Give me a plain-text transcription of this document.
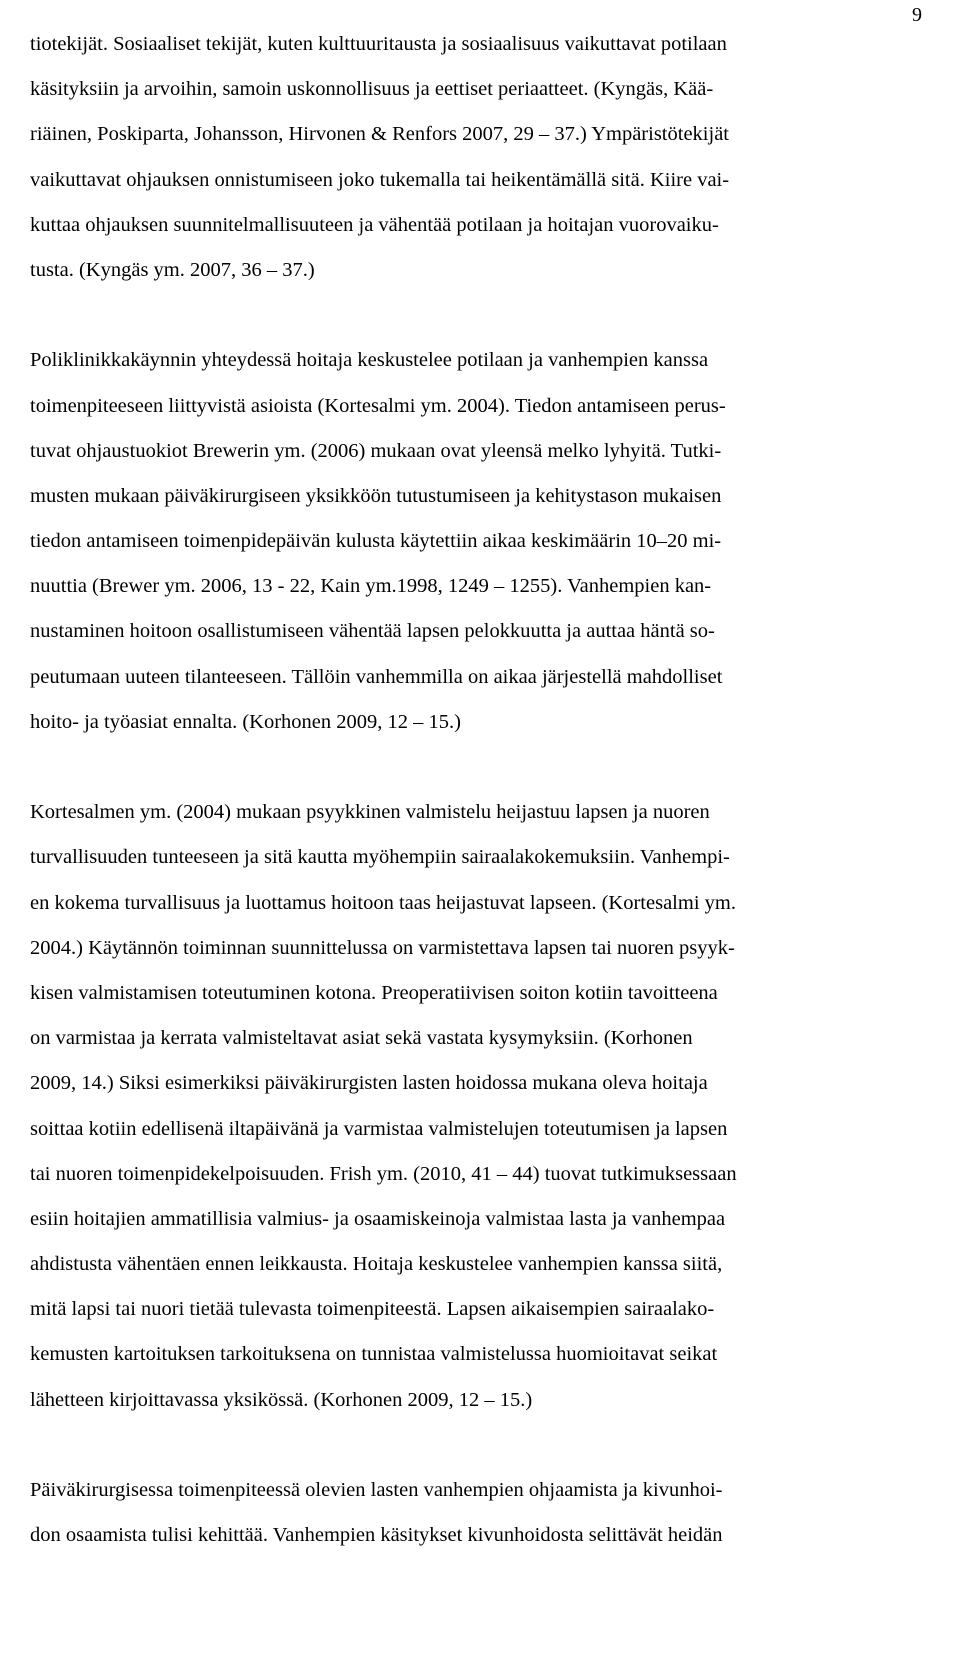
9
tiotekijät. Sosiaaliset tekijät, kuten kulttuuritausta ja sosiaalisuus vaikuttavat potilaan
käsityksiin ja arvoihin, samoin uskonnollisuus ja eettiset periaatteet. (Kyngäs, Kää-
riäinen, Poskiparta, Johansson, Hirvonen & Renfors 2007, 29 – 37.) Ympäristötekijät
vaikuttavat ohjauksen onnistumiseen joko tukemalla tai heikentämällä sitä. Kiire vai-
kuttaa ohjauksen suunnitelmallisuuteen ja vähentää potilaan ja hoitajan vuorovaiku-
tusta. (Kyngäs ym. 2007, 36 – 37.)
Poliklinikkakäynnin yhteydessä hoitaja keskustelee potilaan ja vanhempien kanssa
toimenpiteeseen liittyvistä asioista (Kortesalmi ym. 2004). Tiedon antamiseen perus-
tuvat ohjaustuokiot Brewerin ym. (2006) mukaan ovat yleensä melko lyhyitä. Tutki-
musten mukaan päiväkirurgiseen yksikköön tutustumiseen ja kehitystason mukaisen
tiedon antamiseen toimenpidepäivän kulusta käytettiin aikaa keskimäärin 10–20 mi-
nuuttia (Brewer ym. 2006, 13 - 22, Kain ym.1998, 1249 – 1255). Vanhempien kan-
nustaminen hoitoon osallistumiseen vähentää lapsen pelokkuutta ja auttaa häntä so-
peutumaan uuteen tilanteeseen. Tällöin vanhemmilla on aikaa järjestellä mahdolliset
hoito- ja työasiat ennalta. (Korhonen 2009, 12 – 15.)
Kortesalmen ym. (2004) mukaan psyykkinen valmistelu heijastuu lapsen ja nuoren
turvallisuuden tunteeseen ja sitä kautta myöhempiin sairaalakokemuksiin. Vanhempi-
en kokema turvallisuus ja luottamus hoitoon taas heijastuvat lapseen. (Kortesalmi ym.
2004.) Käytännön toiminnan suunnittelussa on varmistettava lapsen tai nuoren psyyk-
kisen valmistamisen toteutuminen kotona. Preoperatiivisen soiton kotiin tavoitteena
on varmistaa ja kerrata valmisteltavat asiat sekä vastata kysymyksiin. (Korhonen
2009, 14.) Siksi esimerkiksi päiväkirurgisten lasten hoidossa mukana oleva hoitaja
soittaa kotiin edellisenä iltapäivänä ja varmistaa valmistelujen toteutumisen ja lapsen
tai nuoren toimenpidekelpoisuuden. Frish ym. (2010, 41 – 44) tuovat tutkimuksessaan
esiin hoitajien ammatillisia valmius- ja osaamiskeinoja valmistaa lasta ja vanhempaa
ahdistusta vähentäen ennen leikkausta. Hoitaja keskustelee vanhempien kanssa siitä,
mitä lapsi tai nuori tietää tulevasta toimenpiteestä. Lapsen aikaisempien sairaalako-
kemusten kartoituksen tarkoituksena on tunnistaa valmistelussa huomioitavat seikat
lähetteen kirjoittavassa yksikössä. (Korhonen 2009, 12 – 15.)
Päiväkirurgisessa toimenpiteessä olevien lasten vanhempien ohjaamista ja kivunhoi-
don osaamista tulisi kehittää. Vanhempien käsitykset kivunhoidosta selittävät heidän
